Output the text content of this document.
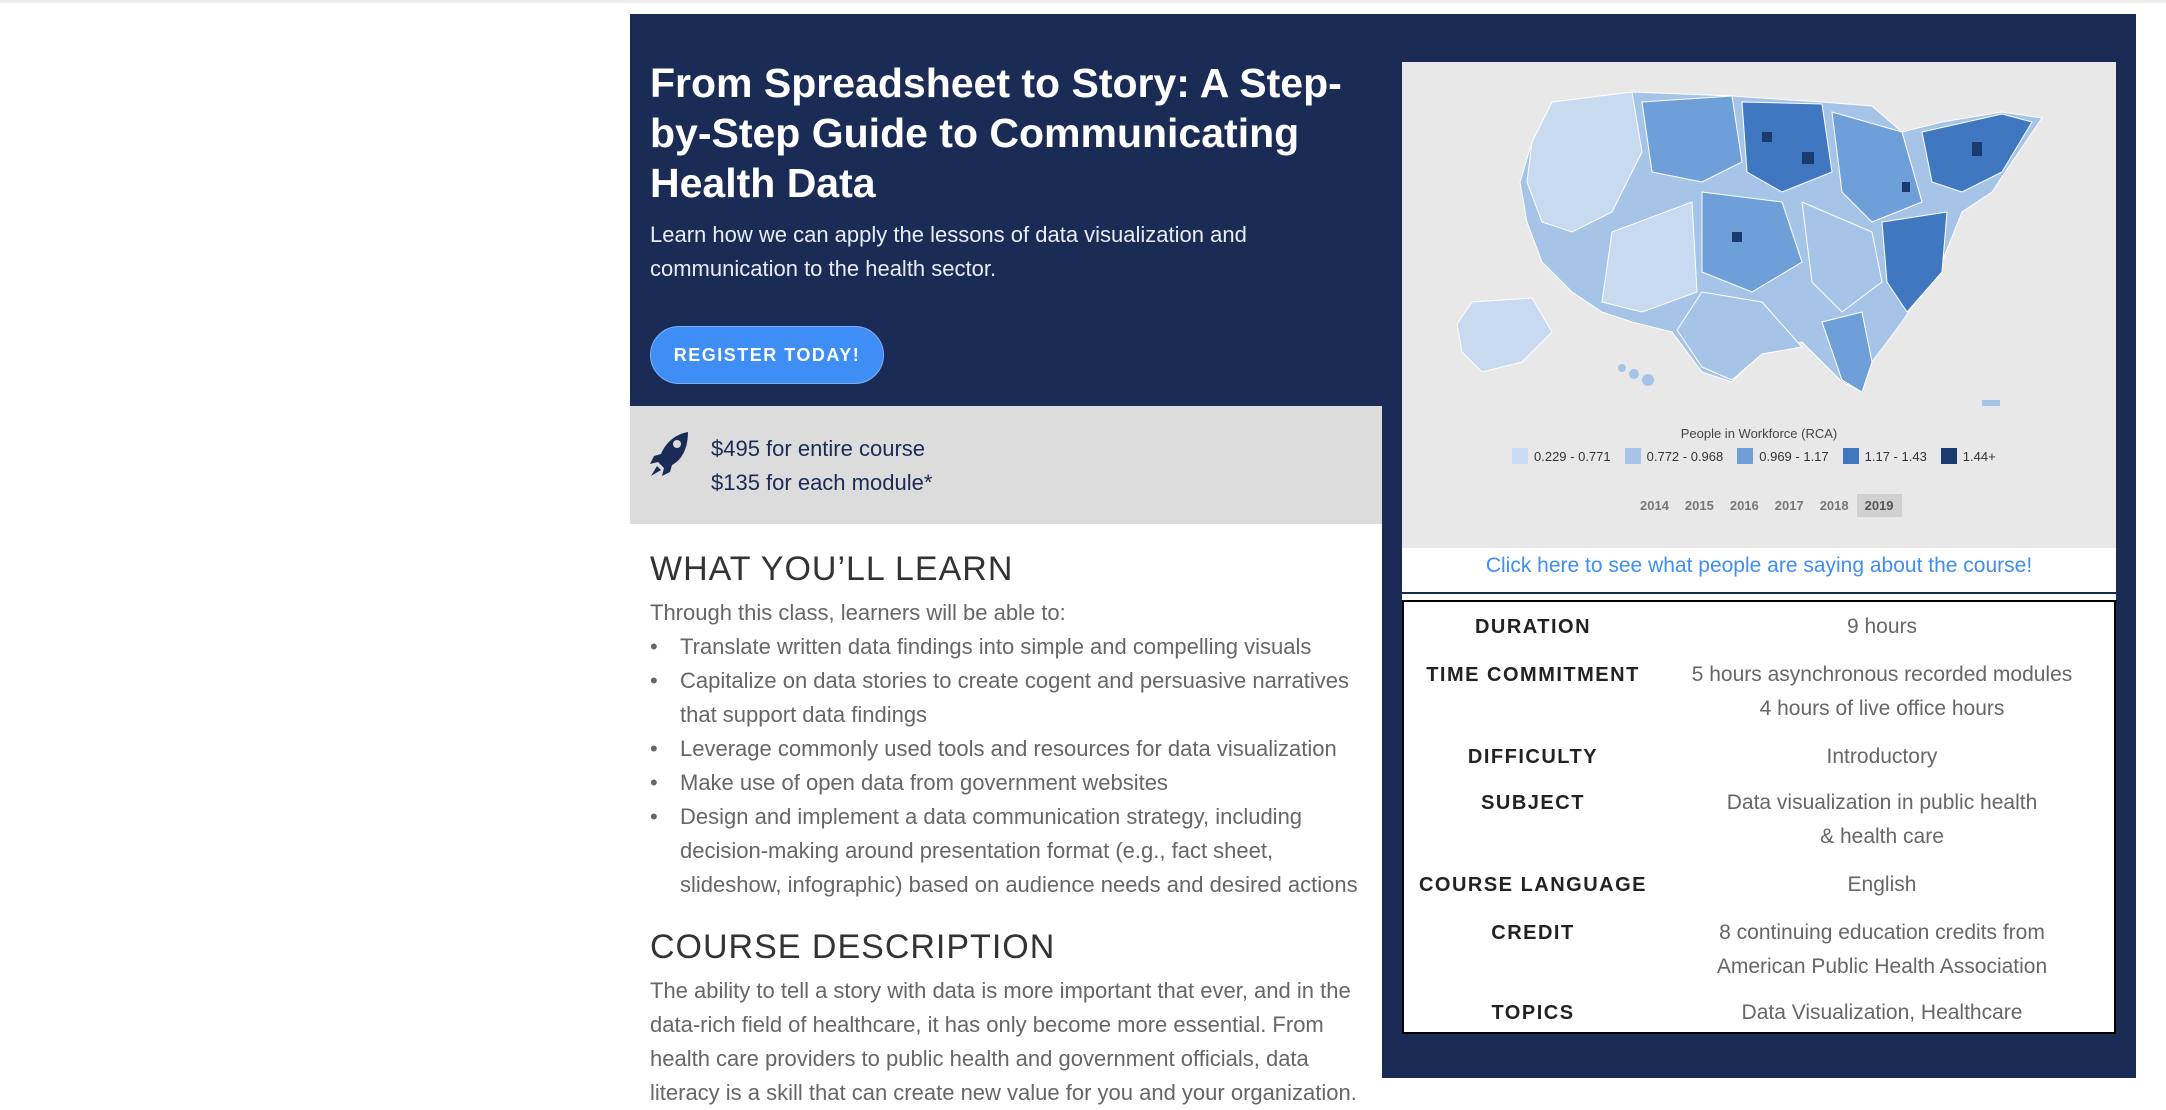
From Spreadsheet to Story: A Step-by-Step Guide to Communicating Health Data

Learn how we can apply the lessons of data visualization and communication to the health sector.

REGISTER TODAY!
$495 for entire course
$135 for each module*
WHAT YOU’LL LEARN
Through this class, learners will be able to:
• Translate written data findings into simple and compelling visuals
• Capitalize on data stories to create cogent and persuasive narratives that support data findings
• Leverage commonly used tools and resources for data visualization
• Make use of open data from government websites
• Design and implement a data communication strategy, including decision-making around presentation format (e.g., fact sheet, slideshow, infographic) based on audience needs and desired actions
COURSE DESCRIPTION

The ability to tell a story with data is more important that ever, and in the data-rich field of healthcare, it has only become more essential. From health care providers to public health and government officials, data literacy is a skill that can create new value for you and your organization.

People in Workforce (RCA)
0.229 - 0.771	0.772 - 0.968	0.969 - 1.17	1.17 - 1.43	1.44+
2014	2015	2016	2017	2018	2019
Click here to see what people are saying about the course!
DURATION	9 hours
TIME COMMITMENT	5 hours asynchronous recorded modules
4 hours of live office hours
DIFFICULTY	Introductory
SUBJECT	Data visualization in public health
& health care
COURSE LANGUAGE	English
CREDIT	8 continuing education credits from
American Public Health Association
TOPICS	Data Visualization, Healthcare
